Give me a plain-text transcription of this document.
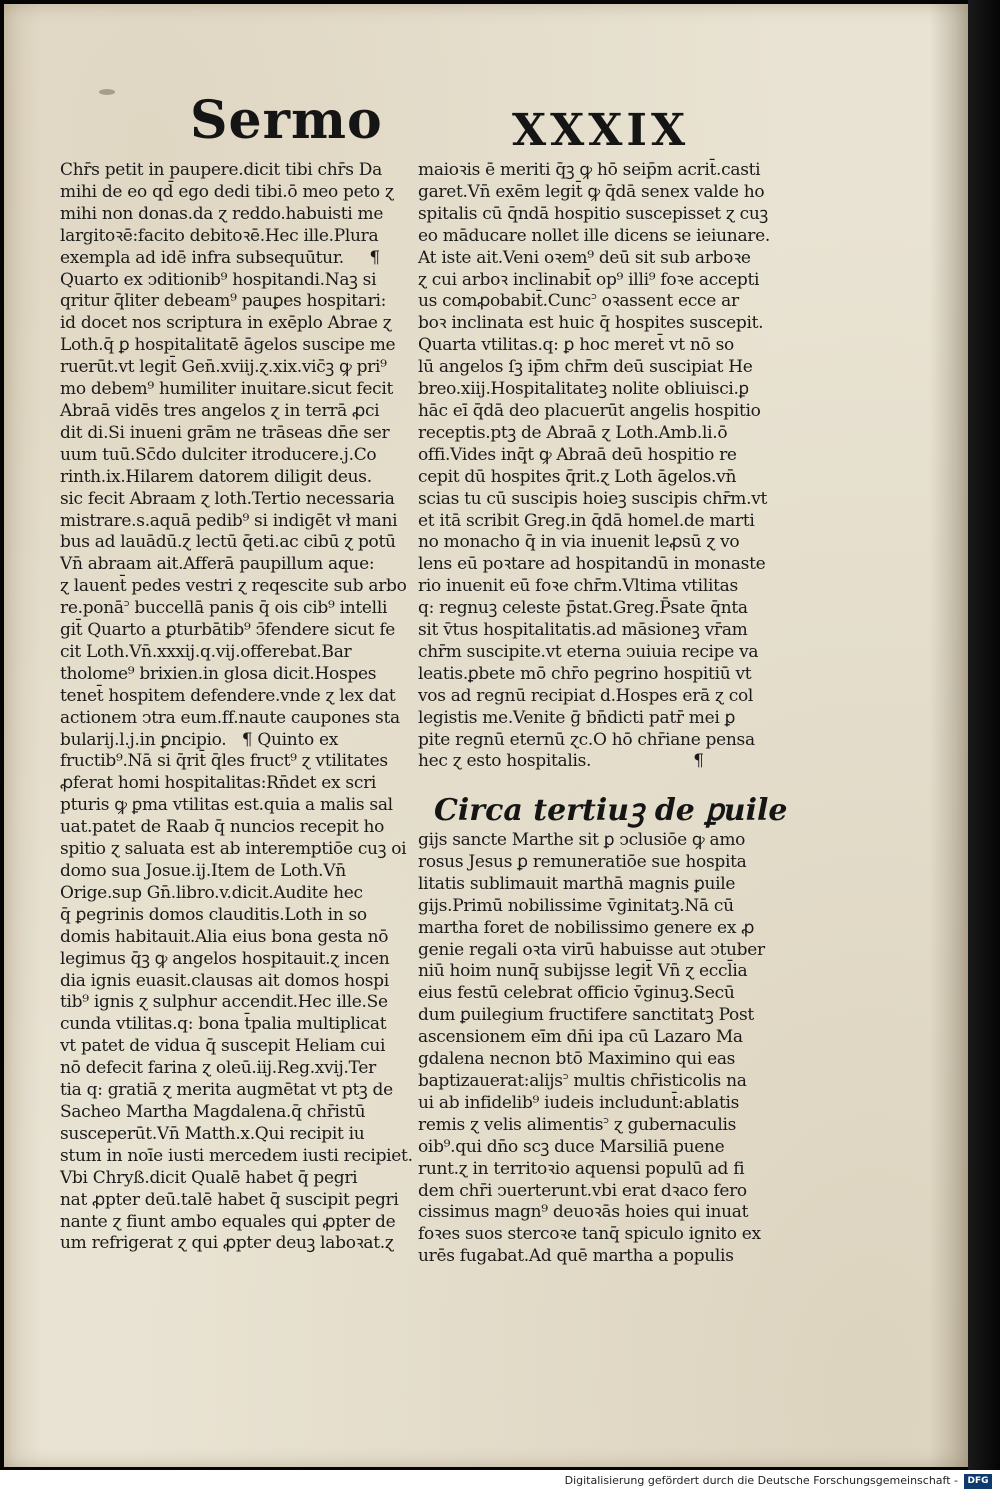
Sermo	XXXIX
Chr̄s petit in paupere.dicit tibi chr̄s Da
mihi de eo qd̄ ego dedi tibi.ō meo peto ɀ
mihi non donas.da ɀ reddo.habuisti me
largitoꝛē:facito debitoꝛē.Hec ille.Plura
exempla ad idē infra subsequūtur.     ¶
Quarto ex ↄditionib⁹ hospitandi.Naꝫ si
qritur q̄liter debeam⁹ pauꝑes hospitari:
id docet nos scriptura in exēplo Abrae ɀ
Loth.q̄ ꝑ hospitalitatē āgelos suscipe me
ruerūt.vt legit̄ Gen̄.xviij.ɀ.xix.vic̄ꝫ ꝙ pri⁹
mo debem⁹ humiliter inuitare.sicut fecit
Abraā vidēs tres angelos ɀ in terrā ꝓci
dit di.Si inueni grām ne trāseas dn̄e ser
uum tuū.Sc̄do dulciter itroducere.j.Co
rinth.ix.Hilarem datorem diligit deus.
sic fecit Abraam ɀ loth.Tertio necessaria
mistrare.s.aquā pedib⁹ si indigēt vł mani
bus ad lauādū.ɀ lectū q̄eti.ac cibū ɀ potū
Vn̄ abraam ait.Afferā paupillum aque:
ɀ lauent̄ pedes vestri ɀ reqescite sub arbo
re.ponā꜄ buccellā panis q̄ ois cib⁹ intelli
git̄ Quarto a ꝑturbātib⁹ ↄ̄fendere sicut fe
cit Loth.Vn̄.xxxij.q.vij.offerebat.Bar
tholome⁹ brixien.in glosa dicit.Hospes
tenet̄ hospitem defendere.vnde ɀ lex dat
actionem ↄtra eum.ff.naute caupones sta
bularij.l.j.in ꝑncipio.   ¶ Quinto ex
fructib⁹.Nā si q̄rit̄ q̄les fruct⁹ ɀ vtilitates
ꝓferat homi hospitalitas:Rn̄det ex scri
pturis ꝙ ꝑma vtilitas est.quia a malis sal
uat.patet de Raab q̄ nuncios recepit ho
spitio ɀ saluata est ab interemptiōe cuꝫ oi
domo sua Josue.ij.Item de Loth.Vn̄
Orige.sup Gn̄.libro.v.dicit.Audite hec
q̄ ꝑegrinis domos clauditis.Loth in so
domis habitauit.Alia eius bona gesta nō
legimus q̄ꝫ ꝙ angelos hospitauit.ɀ incen
dia ignis euasit.clausas ait domos hospi
tib⁹ ignis ɀ sulphur accendit.Hec ille.Se
cunda vtilitas.q: bona t̄palia multiplicat
vt patet de vidua q̄ suscepit Heliam cui
nō defecit farina ɀ oleū.iij.Reg.xvij.Ter
tia q: gratiā ɀ merita augmētat vt ptꝫ de
Sacheo Martha Magdalena.q̄ chr̄istū
susceperūt.Vn̄ Matth.x.Qui recipit iu
stum in noīe iusti mercedem iusti recipiet.
Vbi Chryß.dicit Qualē habet q̄ pegri
nat ꝓpter deū.talē habet q̄ suscipit pegri
nante ɀ fiunt ambo equales qui ꝓpter de
um refrigerat ɀ qui ꝓpter deuꝫ laboꝛat.ɀ

maioꝛis ē meriti q̄ꝫ ꝙ hō seip̄m acrit̄.casti
garet.Vn̄ exēm legit̄ ꝙ q̄dā senex valde ho
spitalis cū q̄ndā hospitio suscepisset ɀ cuꝫ
eo māducare nollet ille dicens se ieiunare.
At iste ait.Veni oꝛem⁹ deū sit sub arboꝛe
ɀ cui arboꝛ inclinabit̄ op⁹ illi⁹ foꝛe accepti
us comꝓobabit̄.Cunc꜄ oꝛassent ecce ar
boꝛ inclinata est huic q̄ hospites suscepit.
Quarta vtilitas.q: ꝑ hoc meret̄ vt nō so
lū angelos ſꝫ ip̄m chr̄m deū suscipiat He
breo.xiij.Hospitalitateꝫ nolite obliuisci.ꝑ
hāc eī q̄dā deo placuerūt angelis hospitio
receptis.ptꝫ de Abraā ɀ Loth.Amb.li.ō
offi.Vides inq̄t ꝙ Abraā deū hospitio re
cepit dū hospites q̄rit.ɀ Loth āgelos.vn̄
scias tu cū suscipis hoieꝫ suscipis chr̄m.vt
et itā scribit Greg.in q̄dā homel.de marti
no monacho q̄ in via inuenit leꝓsū ɀ vo
lens eū poꝛtare ad hospitandū in monaste
rio inuenit eū foꝛe chr̄m.Vltima vtilitas
q: regnuꝫ celeste p̄stat.Greg.P̄sate q̄nta
sit v̄tus hospitalitatis.ad māsioneꝫ vr̄am
chr̄m suscipite.vt eterna ↄuiuia recipe va
leatis.ꝑbete mō chr̄o pegrino hospitiū vt
vos ad regnū recipiat d.Hospes erā ɀ col
legistis me.Venite ḡ bn̄dicti patr̄ mei ꝑ
pite regnū eternū ɀc.O hō chr̄iane pensa
hec ɀ esto hospitalis.                    ¶

Circa tertiuꝫ de ꝑuile
gijs sancte Marthe sit ꝑ ↄclusiōe ꝙ amo
rosus Jesus ꝑ remuneratiōe sue hospita
litatis sublimauit marthā magnis ꝑuile
gijs.Primū nobilissime v̄ginitatꝫ.Nā cū
martha foret de nobilissimo genere ex ꝓ
genie regali oꝛta virū habuisse aut ↄtuber
niū hoim nunq̄ subijsse legit̄ Vn̄ ɀ eccl̄ia
eius festū celebrat officio v̄ginuꝫ.Secū
dum ꝑuilegium fructifere sanctitatꝫ Post
ascensionem eīm dn̄i ipa cū Lazaro Ma
gdalena necnon btō Maximino qui eas
baptizauerat:alijs꜄ multis chr̄isticolis na
ui ab infidelib⁹ iudeis includunt̄:ablatis
remis ɀ velis alimentis꜄ ɀ gubernaculis
oib⁹.qui dn̄o scꝫ duce Marsiliā puene
runt.ɀ in territoꝛio aquensi populū ad fi
dem chr̄i ↄuerterunt.vbi erat dꝛaco fero
cissimus magn⁹ deuoꝛās hoies qui inuat
foꝛes suos stercoꝛe tanq̄ spiculo ignito ex
urēs fugabat.Ad quē martha a populis

Digitalisierung gefördert durch die Deutsche Forschungsgemeinschaft -	DFG
